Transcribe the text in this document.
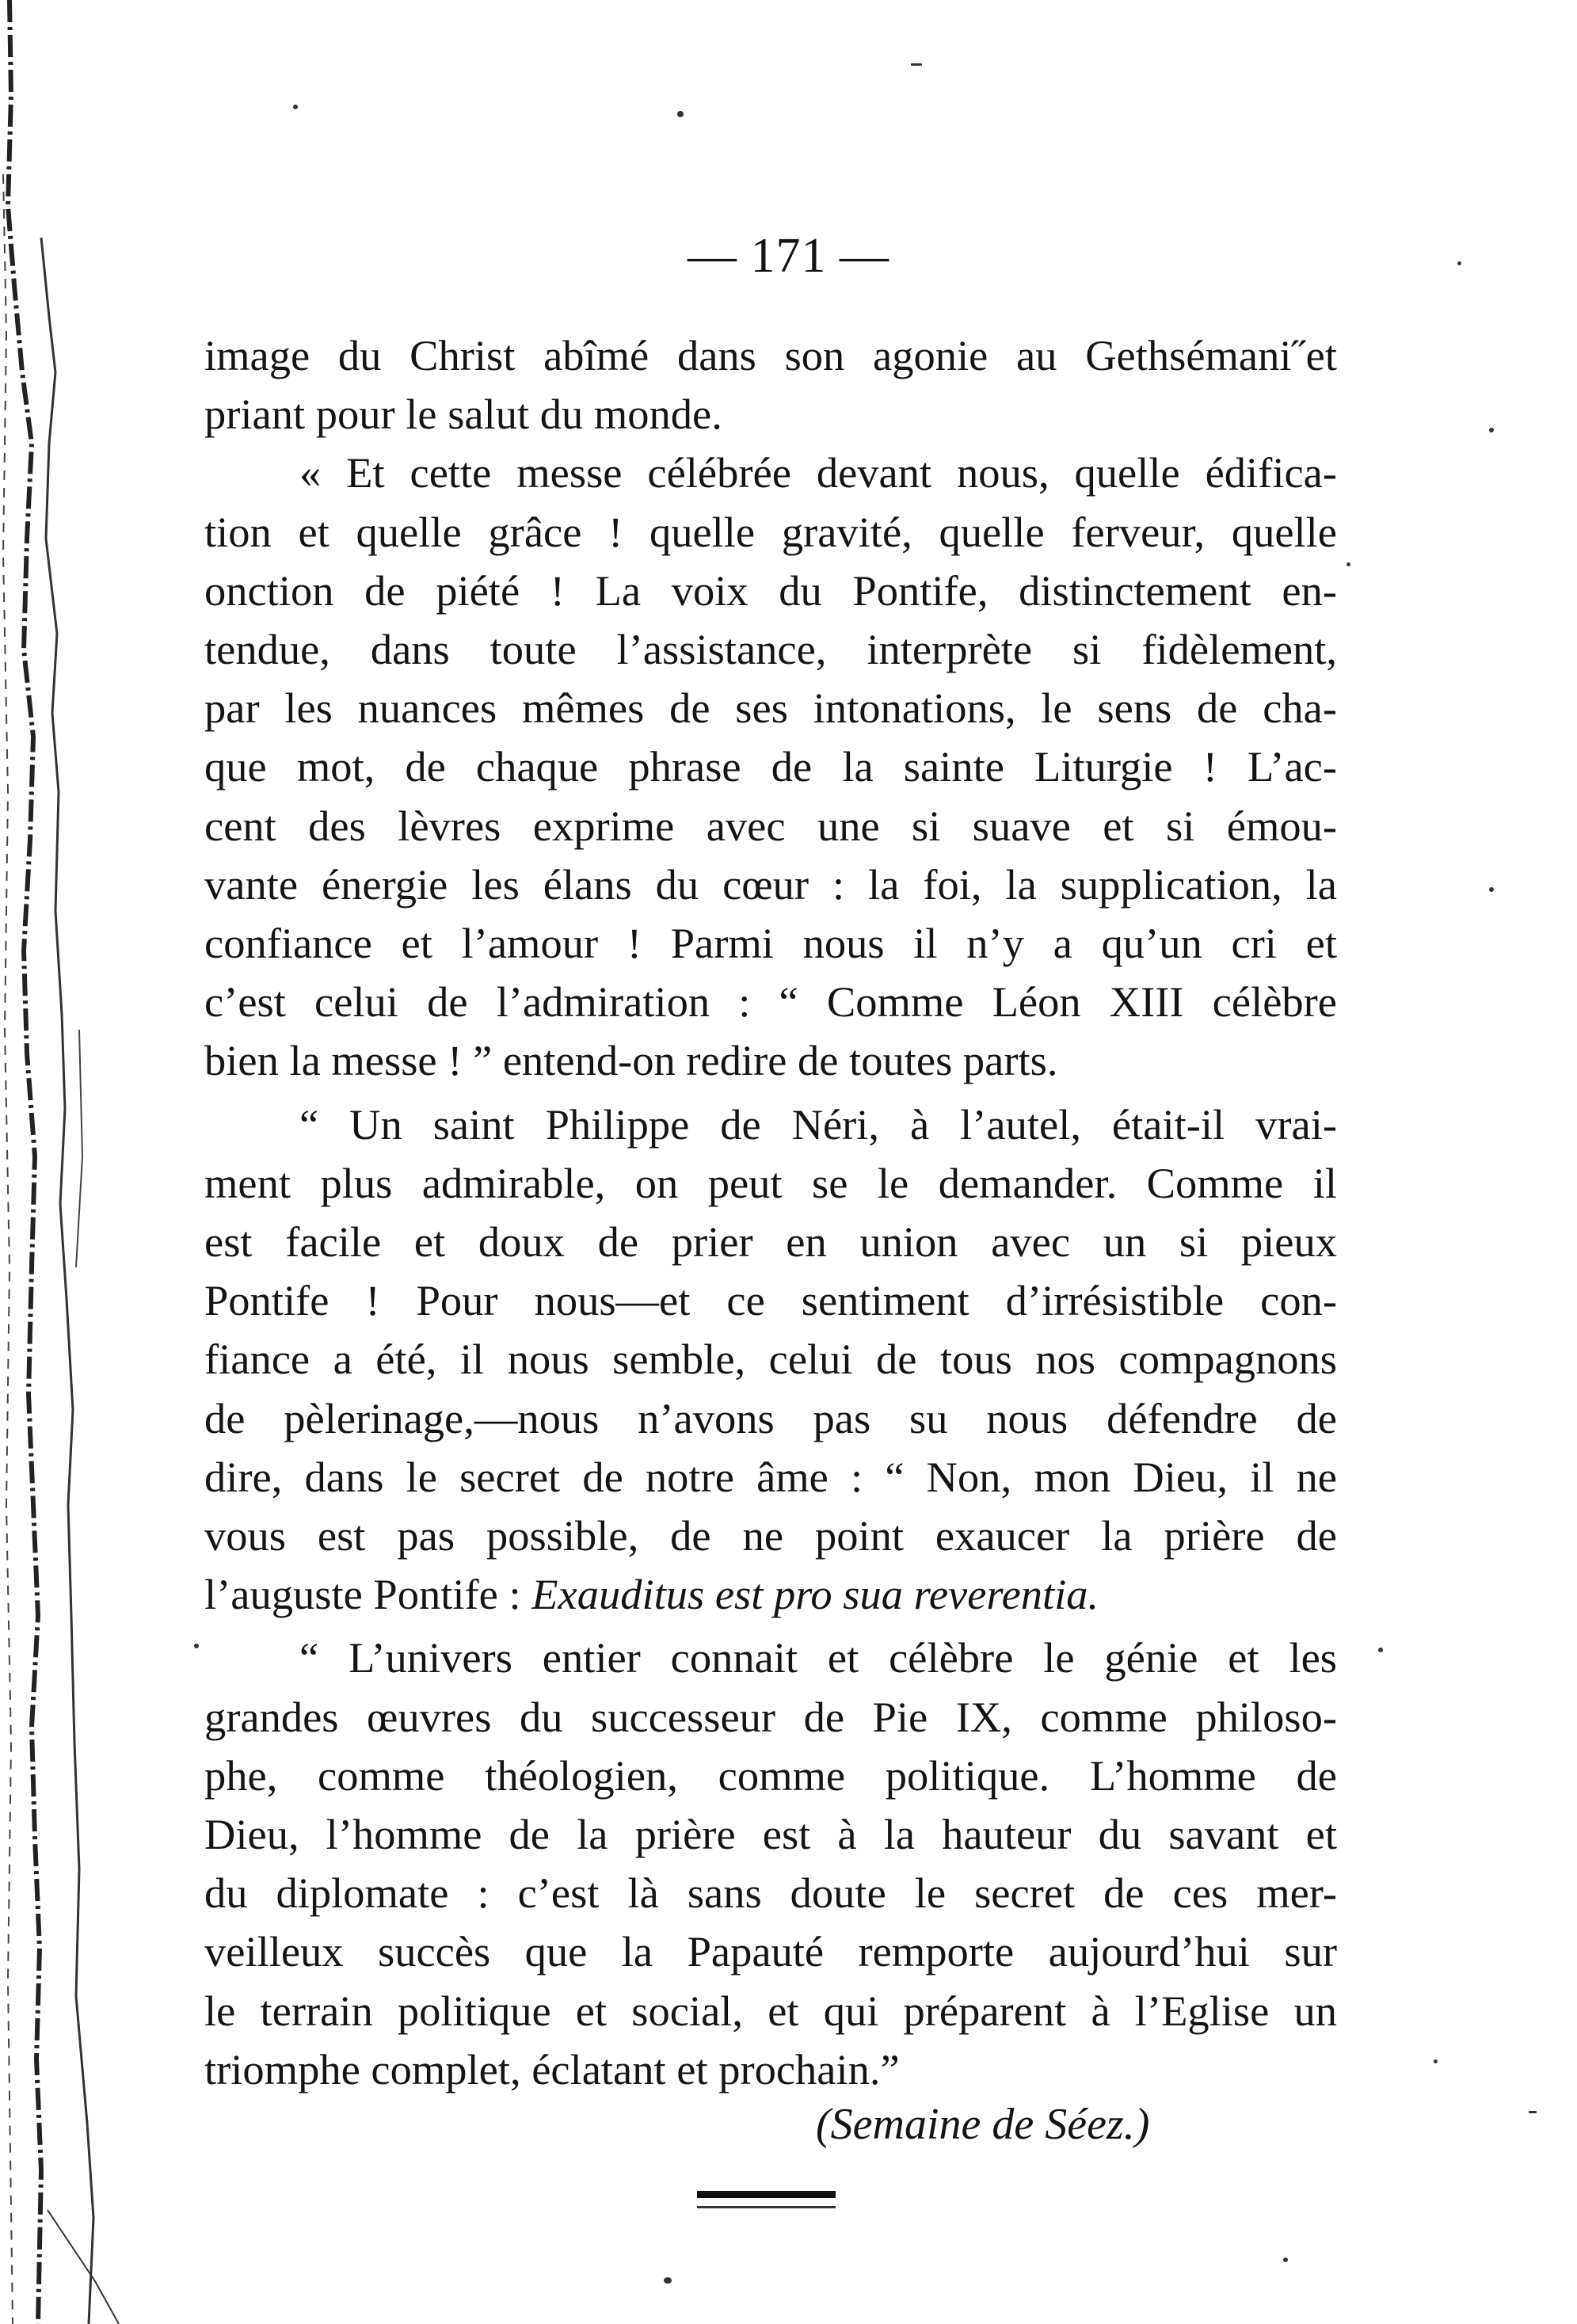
— 171 —
image du Christ abîmé dans son agonie au Gethsémani˝et
priant pour le salut du monde.
« Et cette messe célébrée devant nous, quelle édifica-
tion et quelle grâce ! quelle gravité, quelle ferveur, quelle
onction de piété ! La voix du Pontife, distinctement en-
tendue, dans toute l’assistance, interprète si fidèlement,
par les nuances mêmes de ses intonations, le sens de cha-
que mot, de chaque phrase de la sainte Liturgie ! L’ac-
cent des lèvres exprime avec une si suave et si émou-
vante énergie les élans du cœur : la foi, la supplication, la
confiance et l’amour ! Parmi nous il n’y a qu’un cri et
c’est celui de l’admiration : “ Comme Léon XIII célèbre
bien la messe ! ” entend-on redire de toutes parts.
“ Un saint Philippe de Néri, à l’autel, était-il vrai-
ment plus admirable, on peut se le demander. Comme il
est facile et doux de prier en union avec un si pieux
Pontife ! Pour nous—et ce sentiment d’irrésistible con-
fiance a été, il nous semble, celui de tous nos compagnons
de pèlerinage,—nous n’avons pas su nous défendre de
dire, dans le secret de notre âme : “ Non, mon Dieu, il ne
vous est pas possible, de ne point exaucer la prière de
l’auguste Pontife : Exauditus est pro sua reverentia.
“ L’univers entier connait et célèbre le génie et les
grandes œuvres du successeur de Pie IX, comme philoso-
phe, comme théologien, comme politique. L’homme de
Dieu, l’homme de la prière est à la hauteur du savant et
du diplomate : c’est là sans doute le secret de ces mer-
veilleux succès que la Papauté remporte aujourd’hui sur
le terrain politique et social, et qui préparent à l’Eglise un
triomphe complet, éclatant et prochain.”
(Semaine de Séez.)
